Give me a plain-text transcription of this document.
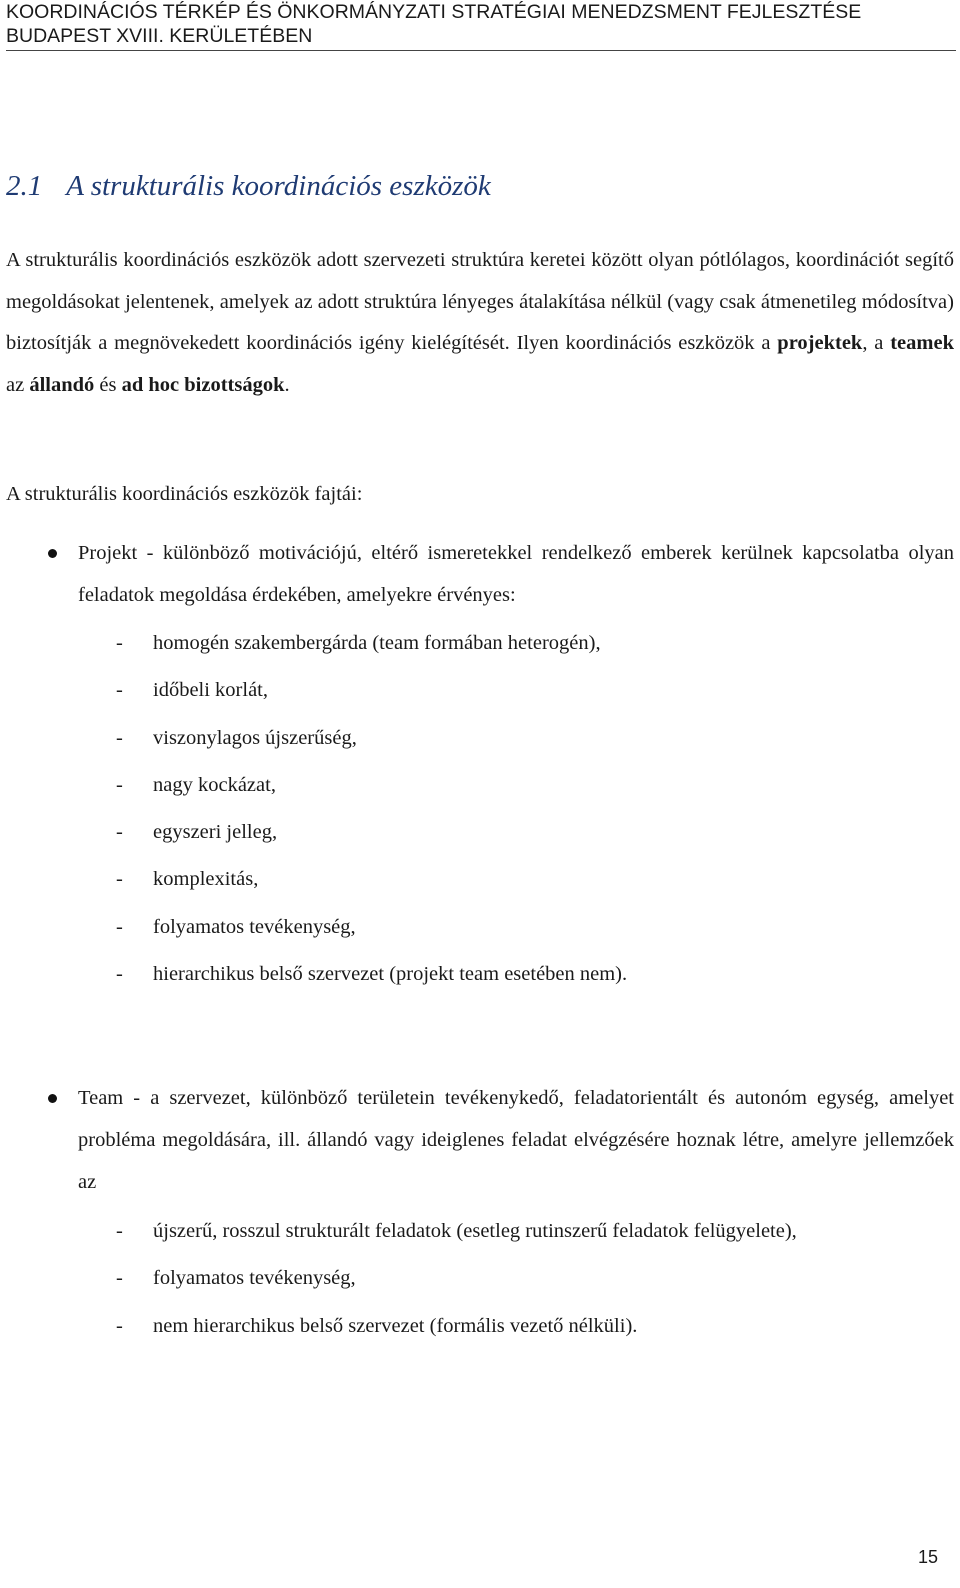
KOORDINÁCIÓS TÉRKÉP ÉS ÖNKORMÁNYZATI STRATÉGIAI MENEDZSMENT FEJLESZTÉSE
BUDAPEST XVIII. KERÜLETÉBEN
2.1 A strukturális koordinációs eszközök

A strukturális koordinációs eszközök adott szervezeti struktúra keretei között olyan pótlólagos, koordinációt segítő megoldásokat jelentenek, amelyek az adott struktúra lényeges átalakítása nélkül (vagy csak átmenetileg módosítva) biztosítják a megnövekedett koordinációs igény kielégítését. Ilyen koordinációs eszközök a projektek, a teamek az állandó és ad hoc bizottságok.

A strukturális koordinációs eszközök fajtái:

Projekt - különböző motivációjú, eltérő ismeretekkel rendelkező emberek kerülnek kapcsolatba olyan feladatok megoldása érdekében, amelyekre érvényes:

- homogén szakembergárda (team formában heterogén),
- időbeli korlát,
- viszonylagos újszerűség,
- nagy kockázat,
- egyszeri jelleg,
- komplexitás,
- folyamatos tevékenység,
- hierarchikus belső szervezet (projekt team esetében nem).

Team - a szervezet, különböző területein tevékenykedő, feladatorientált és autonóm egység, amelyet probléma megoldására, ill. állandó vagy ideiglenes feladat elvégzésére hoznak létre, amelyre jellemzőek az

- újszerű, rosszul strukturált feladatok (esetleg rutinszerű feladatok felügyelete),
- folyamatos tevékenység,
- nem hierarchikus belső szervezet (formális vezető nélküli).
15
